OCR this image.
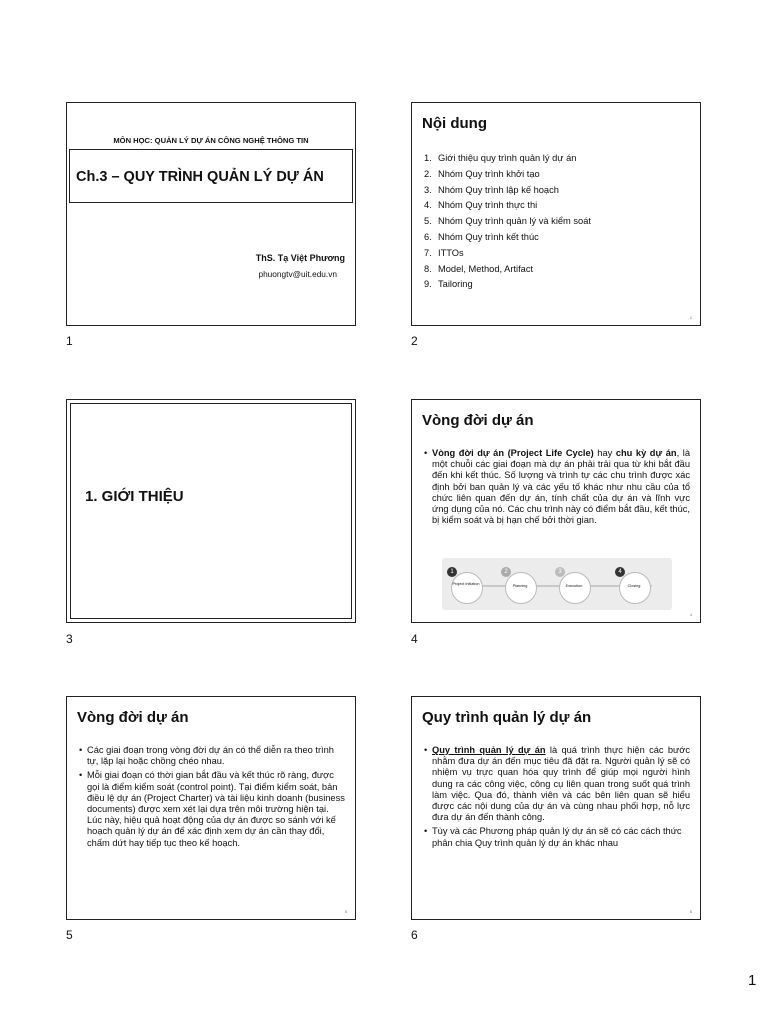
MÔN HỌC: QUẢN LÝ DỰ ÁN CÔNG NGHỆ THÔNG TIN
Ch.3 – QUY TRÌNH QUẢN LÝ DỰ ÁN
ThS. Tạ Việt Phương
phuongtv@uit.edu.vn
1
Nội dung
1. Giới thiệu quy trình quản lý dự án
2. Nhóm Quy trình khởi tạo
3. Nhóm Quy trình lập kế hoạch
4. Nhóm Quy trình thực thi
5. Nhóm Quy trình quản lý và kiểm soát
6. Nhóm Quy trình kết thúc
7. ITTOs
8. Model, Method, Artifact
9. Tailoring
2
2
1. GIỚI THIỆU
3
Vòng đời dự án
• Vòng đời dự án (Project Life Cycle) hay chu kỳ dự án, là một chuỗi các giai đoạn mà dự án phải trải qua từ khi bắt đầu đến khi kết thúc. Số lượng và trình tự các chu trình được xác định bởi ban quản lý và các yếu tố khác như nhu cầu của tổ chức liên quan đến dự án, tính chất của dự án và lĩnh vực ứng dụng của nó. Các chu trình này có điểm bắt đầu, kết thúc, bị kiểm soát và bị hạn chế bởi thời gian.
1
Project Initiation
2
Planning
3
Execution
4
Closing
4
4
Vòng đời dự án
• Các giai đoạn trong vòng đời dự án có thể diễn ra theo trình tự, lặp lại hoặc chồng chéo nhau.
• Mỗi giai đoạn có thời gian bắt đầu và kết thúc rõ ràng, được gọi là điểm kiểm soát (control point). Tại điểm kiểm soát, bản điều lệ dự án (Project Charter) và tài liệu kinh doanh (business documents) được xem xét lại dựa trên môi trường hiện tại. Lúc này, hiệu quả hoạt động của dự án được so sánh với kế hoạch quản lý dự án để xác định xem dự án cần thay đổi, chấm dứt hay tiếp tục theo kế hoạch.
5
5
Quy trình quản lý dự án
• Quy trình quản lý dự án là quá trình thực hiện các bước nhằm đưa dự án đến mục tiêu đã đặt ra. Người quản lý sẽ có nhiệm vụ trực quan hóa quy trình để giúp mọi người hình dung ra các công việc, công cụ liên quan trong suốt quá trình làm việc. Qua đó, thành viên và các bên liên quan sẽ hiểu được các nội dung của dự án và cùng nhau phối hợp, nỗ lực đưa dự án đến thành công.
• Tùy và các Phương pháp quản lý dự án sẽ có các cách thức phân chia Quy trình quản lý dự án khác nhau
6
6
1
